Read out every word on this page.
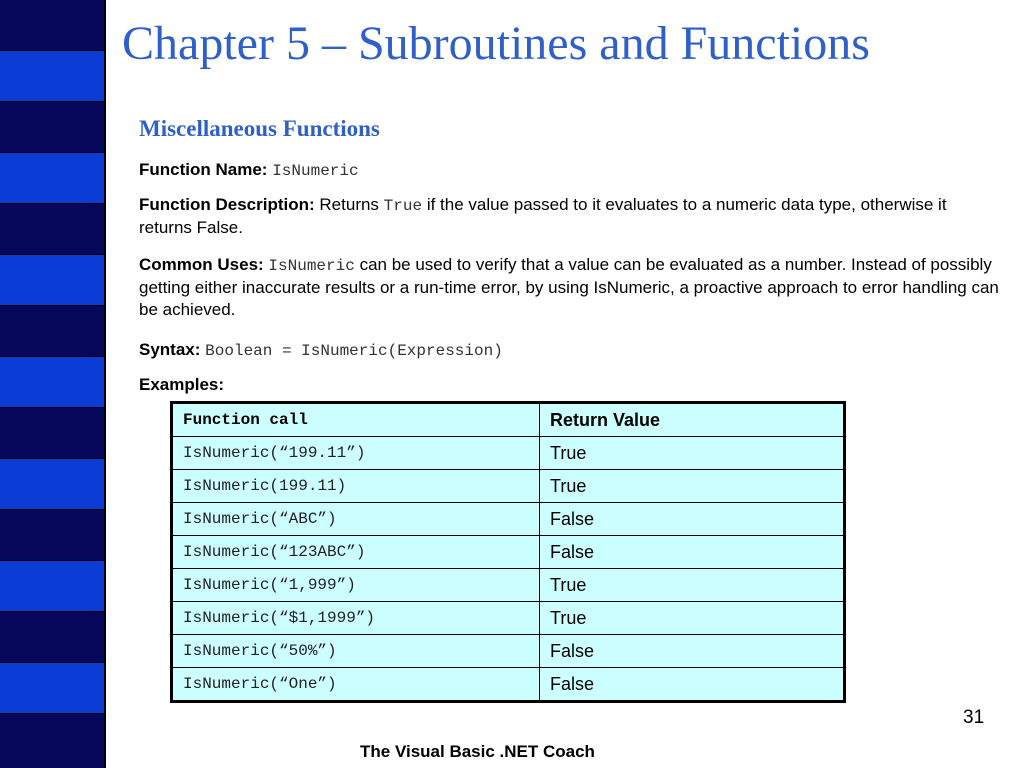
Chapter 5 – Subroutines and Functions
Miscellaneous Functions
Function Name: IsNumeric
Function Description: Returns True if the value passed to it evaluates to a numeric data type, otherwise it returns False.
Common Uses: IsNumeric can be used to verify that a value can be evaluated as a number. Instead of possibly getting either inaccurate results or a run-time error, by using IsNumeric, a proactive approach to error handling can be achieved.
Syntax: Boolean = IsNumeric(Expression)
Examples:
Function call	Return Value
IsNumeric(“199.11”)	True
IsNumeric(199.11)	True
IsNumeric(“ABC”)	False
IsNumeric(“123ABC”)	False
IsNumeric(“1,999”)	True
IsNumeric(“$1,1999”)	True
IsNumeric(“50%”)	False
IsNumeric(“One”)	False
31
The Visual Basic .NET Coach
